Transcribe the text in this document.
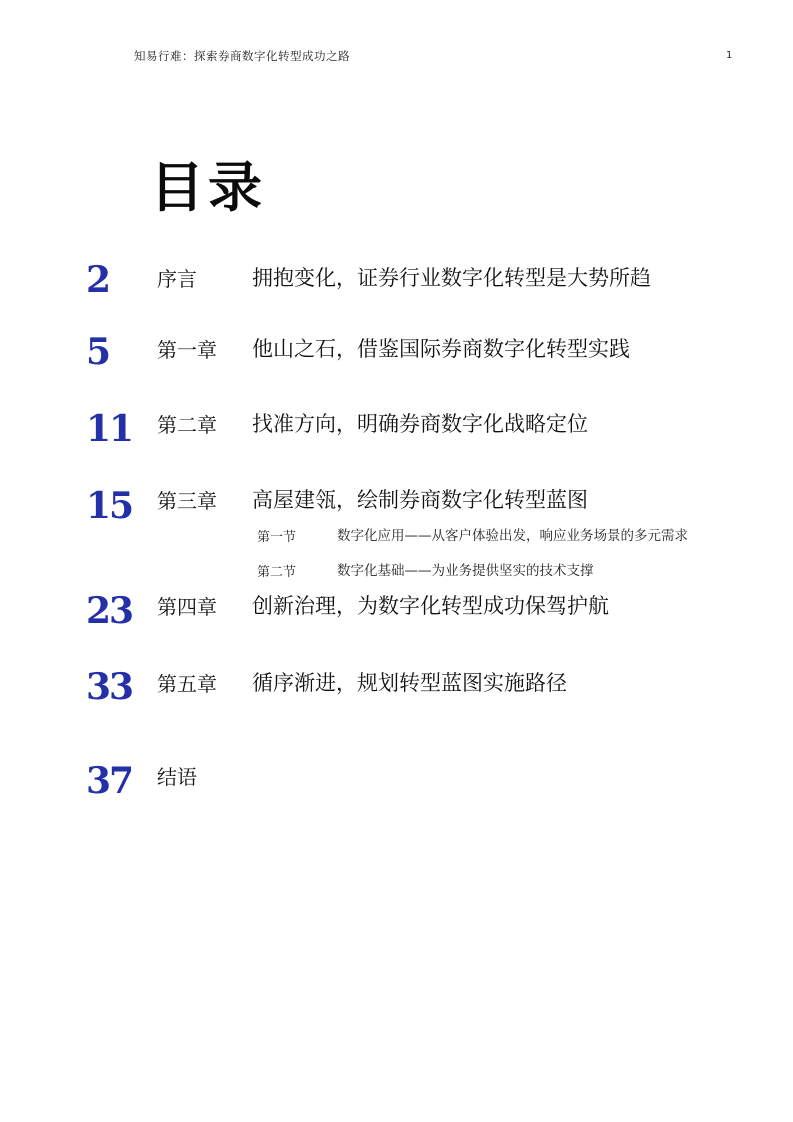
知易行难：探索券商数字化转型成功之路	1
目录
2	序言	拥抱变化，证券行业数字化转型是大势所趋
5	第一章 他山之石，借鉴国际券商数字化转型实践
11	第二章 找准方向，明确券商数字化战略定位
15	第三章 高屋建瓴，绘制券商数字化转型蓝图
第一节	数字化应用——从客户体验出发，响应业务场景的多元需求
第二节	数字化基础——为业务提供坚实的技术支撑
23	第四章 创新治理，为数字化转型成功保驾护航
33	第五章 循序渐进，规划转型蓝图实施路径
37	结语
